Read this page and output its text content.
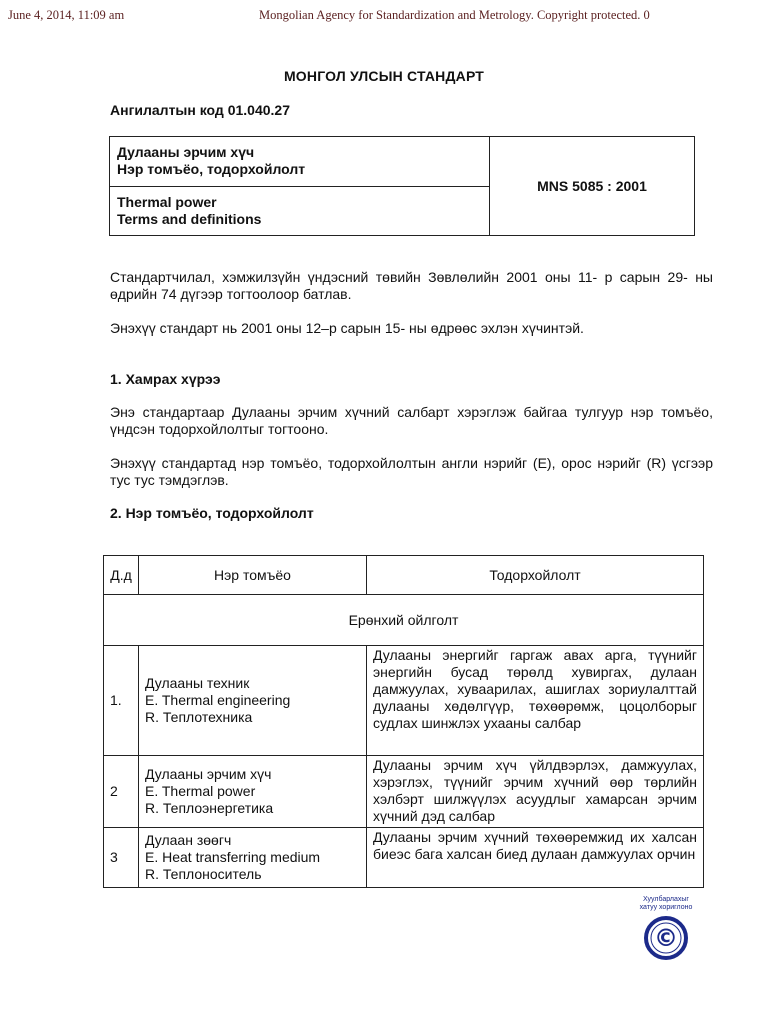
June 4, 2014, 11:09 am	Mongolian Agency for Standardization and Metrology. Copyright protected. 0
МОНГОЛ УЛСЫН СТАНДАРТ
Ангилалтын код 01.040.27
Дулааны эрчим хүч
Нэр томъёо, тодорхойлолт
	MNS 5085 : 2001

Thermal power
Terms and definitions
Стандартчилал, хэмжилзүйн үндэсний төвийн Зөвлөлийн 2001 оны 11- р сарын 29- ны өдрийн 74 дүгээр тогтоолоор батлав.
Энэхүү стандарт нь 2001 оны 12–р сарын 15- ны өдрөөс эхлэн хүчинтэй.
1. Хамрах хүрээ
Энэ стандартаар Дулааны эрчим хүчний салбарт хэрэглэж байгаа тулгуур нэр томъёо, үндсэн тодорхойлолтыг тогтооно.
Энэхүү стандартад нэр томъёо, тодорхойлолтын англи нэрийг (E), орос нэрийг (R) үсгээр тус тус тэмдэглэв.
2. Нэр томъёо, тодорхойлолт
Д.д	Нэр томъёо	Тодорхойлолт
Ерөнхий ойлголт		
1.	Дулааны техник
E. Thermal engineering
R. Теплотехника	Дулааны энергийг гаргаж авах арга, түүнийг энергийн бусад төрөлд хувиргах, дулаан дамжуулах, хуваарилах, ашиглах зориулалттай дулааны хөдөлгүүр, төхөөрөмж, цоцолборыг судлах шинжлэх ухааны салбар
2	Дулааны эрчим хүч
E. Thermal power
R. Теплоэнергетика	Дулааны эрчим хүч үйлдвэрлэх, дамжуулах, хэрэглэх, түүнийг эрчим хүчний өөр төрлийн хэлбэрт шилжүүлэх асуудлыг хамарсан эрчим хүчний дэд салбар
3	Дулаан зөөгч
E. Heat transferring medium
R. Теплоноситель	Дулааны эрчим хүчний төхөөремжид их халсан биеэс бага халсан биед дулаан дамжуулах орчин
Хуулбарлахыг
хатуу хориглоно
©
